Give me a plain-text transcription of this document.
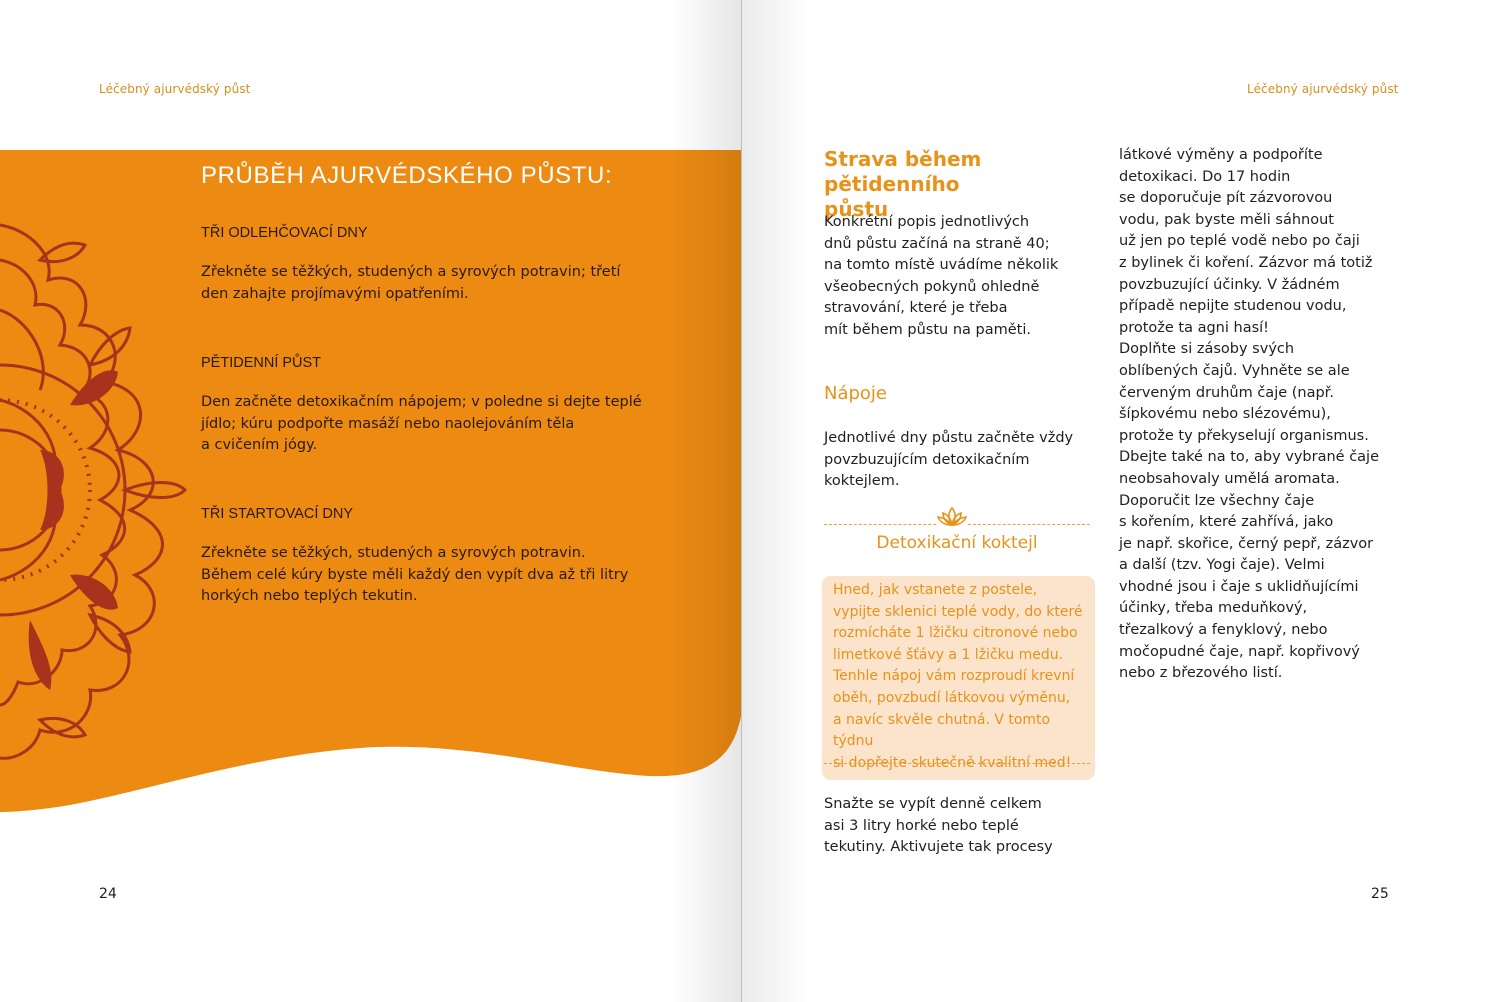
Léčebný ajurvédský půst
PRŮBĚH AJURVÉDSKÉHO PŮSTU:
TŘI ODLEHČOVACÍ DNY
Zřekněte se těžkých, studených a syrových potravin; třetí
den zahajte projímavými opatřeními.
PĚTIDENNÍ PŮST
Den začněte detoxikačním nápojem; v poledne si dejte teplé
jídlo; kúru podpořte masáží nebo naolejováním těla
a cvičením jógy.
TŘI STARTOVACÍ DNY
Zřekněte se těžkých, studených a syrových potravin.
Během celé kúry byste měli každý den vypít dva až tři litry
horkých nebo teplých tekutin.
24
Léčebný ajurvédský půst
Strava během pětidenního
půstu
Konkrétní popis jednotlivých
dnů půstu začíná na straně 40;
na tomto místě uvádíme několik
všeobecných pokynů ohledně
stravování, které je třeba
mít během půstu na paměti.
Nápoje
Jednotlivé dny půstu začněte vždy
povzbuzujícím detoxikačním
koktejlem.
Detoxikační koktejl
Hned, jak vstanete z postele,
vypijte sklenici teplé vody, do které
rozmícháte 1 lžičku citronové nebo
limetkové šťávy a 1 lžičku medu.
Tenhle nápoj vám rozproudí krevní
oběh, povzbudí látkovou výměnu,
a navíc skvěle chutná. V tomto týdnu
si dopřejte skutečně kvalitní med!
Snažte se vypít denně celkem
asi 3 litry horké nebo teplé
tekutiny. Aktivujete tak procesy
látkové výměny a podpoříte
detoxikaci. Do 17 hodin
se doporučuje pít zázvorovou
vodu, pak byste měli sáhnout
už jen po teplé vodě nebo po čaji
z bylinek či koření. Zázvor má totiž
povzbuzující účinky. V žádném
případě nepijte studenou vodu,
protože ta agni hasí!
Doplňte si zásoby svých
oblíbených čajů. Vyhněte se ale
červeným druhům čaje (např.
šípkovému nebo slézovému),
protože ty překyselují organismus.
Dbejte také na to, aby vybrané čaje
neobsahovaly umělá aromata.
Doporučit lze všechny čaje
s kořením, které zahřívá, jako
je např. skořice, černý pepř, zázvor
a další (tzv. Yogi čaje). Velmi
vhodné jsou i čaje s uklidňujícími
účinky, třeba meduňkový,
třezalkový a fenyklový, nebo
močopudné čaje, např. kopřivový
nebo z březového listí.
25
